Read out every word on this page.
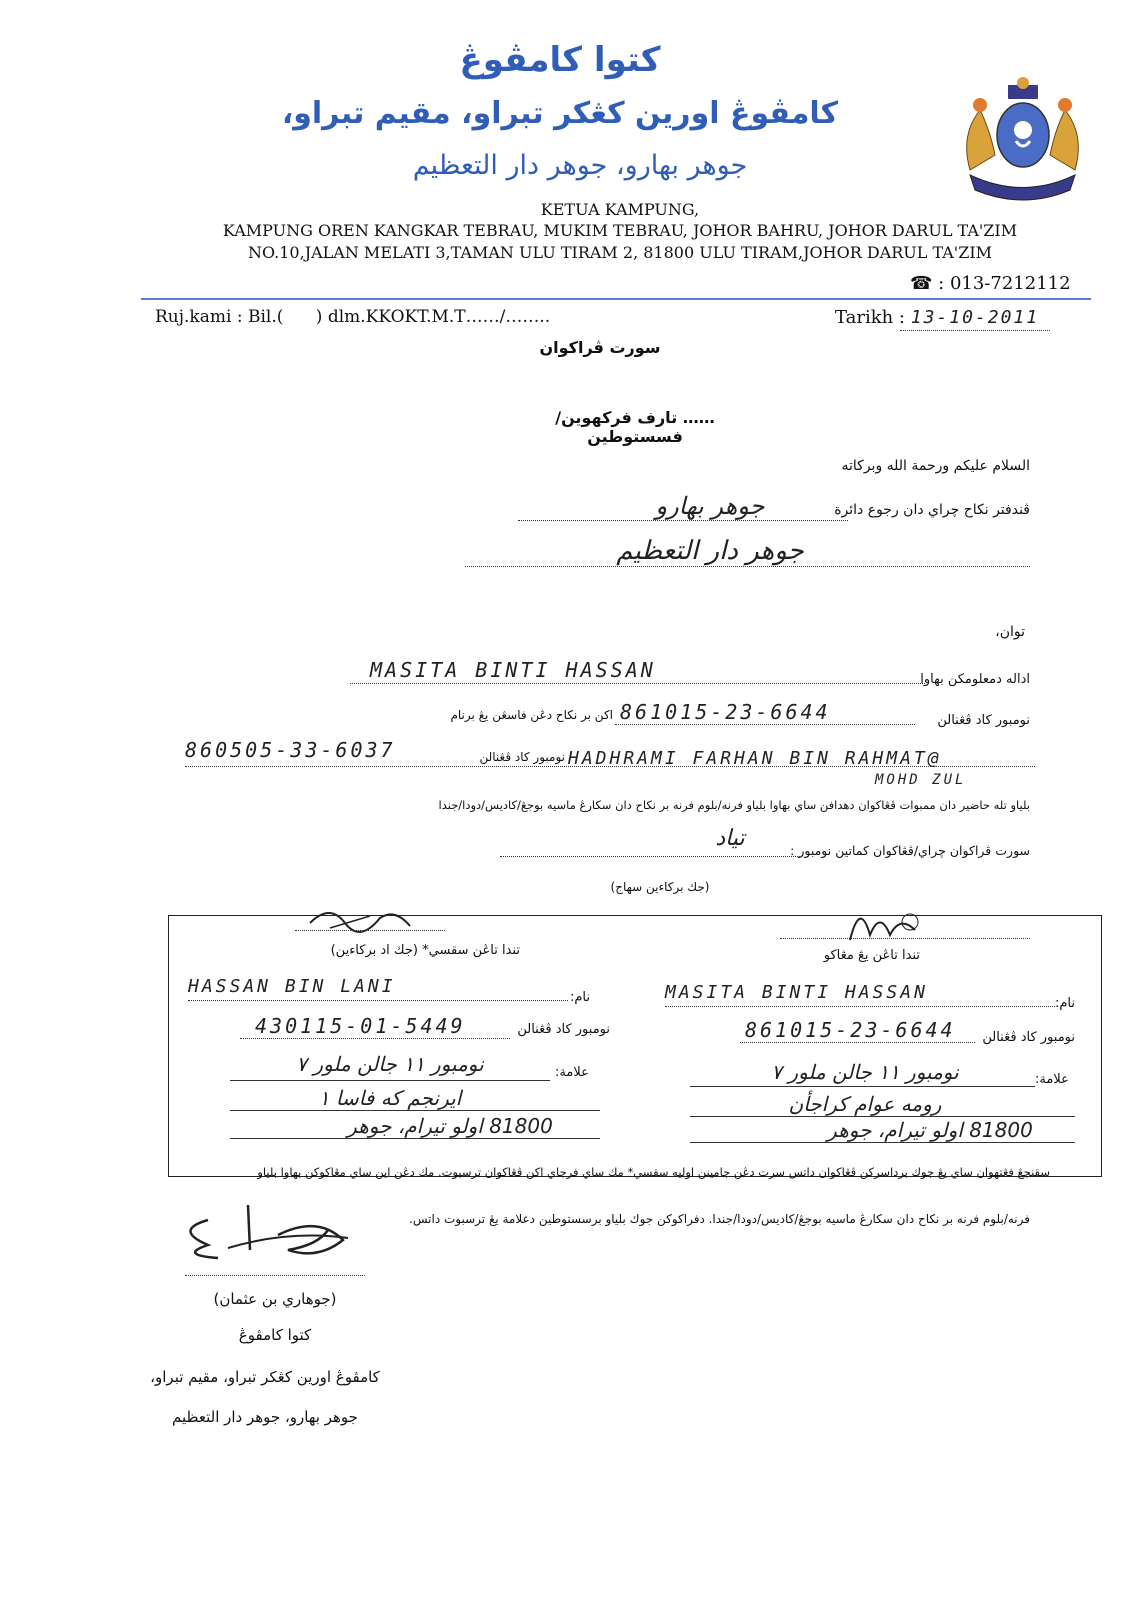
كتوا كامڤوڠ
كامڤوڠ اورين كڠكر تبراو، مقيم تبراو،
جوهر بهارو، جوهر دار التعظيم
KETUA KAMPUNG,
KAMPUNG OREN KANGKAR TEBRAU, MUKIM TEBRAU, JOHOR BAHRU, JOHOR DARUL TA'ZIM
NO.10,JALAN MELATI 3,TAMAN ULU TIRAM 2, 81800 ULU TIRAM,JOHOR DARUL TA'ZIM
☎ : 013-7212112
Ruj.kami : Bil.(      ) dlm.KKOKT.M.T……/……..	Tarikh : 13-10-2011
سورت ڤراكوان
…… تارف فركهوين/فسستوطين
السلام عليكم ورحمة الله وبركاته
ڤندفتر نكاح چراي دان رجوع دائرة
جوهر بهارو
جوهر دار التعظيم
توان،
اداله دمعلومكن بهاوا
MASITA BINTI HASSAN
نومبور كاد ڤڠنالن
اكن بر نكاح دڠن فاسڠن يڠ برنام 861015-23-6644
860505-33-6037	نومبور كاد ڤڠنالن HADHRAMI FARHAN BIN RAHMAT@
MOHD ZUL
بلياو تله حاضير دان ممبوات ڤڠاكوان دهدافن ساي بهاوا بلياو فرنه/بلوم فرنه بر نكاح دان سكارڠ ماسيه بوجڠ/كاديس/دودا/جندا
سورت ڤراكوان چراي/ڤڠاكوان كماتين نومبور :
تياد
(جك بركاءين سهاج)
تندا تاڠن سقسي* (جك اد بركاءين)
HASSAN BIN LANI
نام:
430115-01-5449	نومبور كاد ڤڠنالن
علامة:
نومبور ١١ جالن ملور ٧
ايرنجم كه فاسا ١
81800 اولو تيرام، جوهر
تندا تاڠن يڠ مڠاكو
MASITA BINTI HASSAN
نام:
861015-23-6644	نومبور كاد ڤڠنالن
علامة:
نومبور ١١ جالن ملور ٧
رومه عوام كراجأن
81800 اولو تيرام، جوهر
سقنجڠ فڠتهوان ساي يڠ جوك برداسركن ڤڠاكوان داتس سرت دڠن جامينن اوليه سقسي* مك ساي فرچاي اكن ڤڠاكوان ترسبوت. مك دڠن اين ساي مڠاكوكن بهاوا بلياو
فرنه/بلوم فرنه بر نكاح دان سكارڠ ماسيه بوجڠ/كاديس/دودا/جندا. دفراكوكن جوك بلياو برسستوطين دعلامة يڠ ترسبوت داتس.
(جوهاري بن عثمان)
كتوا كامڤوڠ
كامڤوڠ اورين كڠكر تبراو، مقيم تبراو،
جوهر بهارو، جوهر دار التعظيم
